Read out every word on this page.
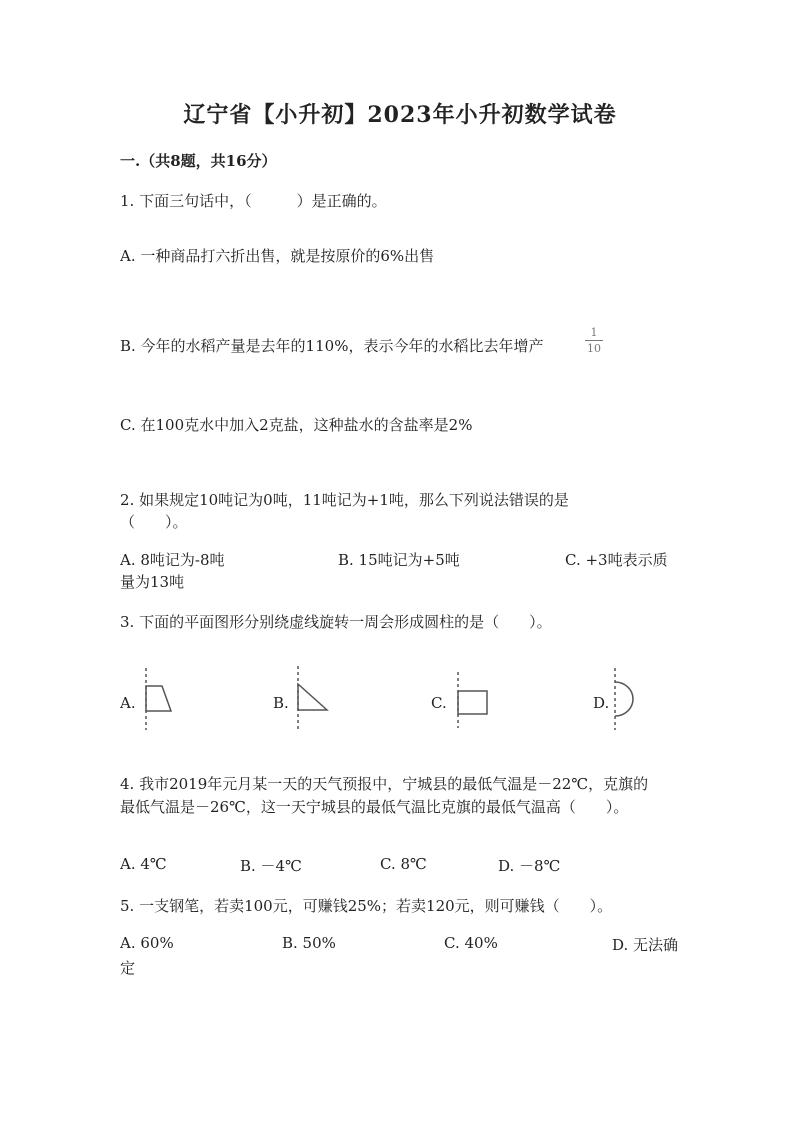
辽宁省【小升初】2023年小升初数学试卷
一.（共8题，共16分）
1. 下面三句话中，（　　　）是正确的。
A. 一种商品打六折出售，就是按原价的6%出售
B. 今年的水稻产量是去年的110%，表示今年的水稻比去年增产
1
10
C. 在100克水中加入2克盐，这种盐水的含盐率是2%
2. 如果规定10吨记为0吨，11吨记为+1吨，那么下列说法错误的是
（　　）。
A. 8吨记为-8吨	B. 15吨记为+5吨	C. +3吨表示质
量为13吨
3. 下面的平面图形分别绕虚线旋转一周会形成圆柱的是（　　）。
A.	B.	C.	D.
4. 我市2019年元月某一天的天气预报中，宁城县的最低气温是－22℃，克旗的
最低气温是－26℃，这一天宁城县的最低气温比克旗的最低气温高（　　）。
A. 4℃	B. －4℃	C. 8℃	D. －8℃
5. 一支钢笔，若卖100元，可赚钱25%；若卖120元，则可赚钱（　　）。
A. 60%	B. 50%	C. 40%	D. 无法确
定
